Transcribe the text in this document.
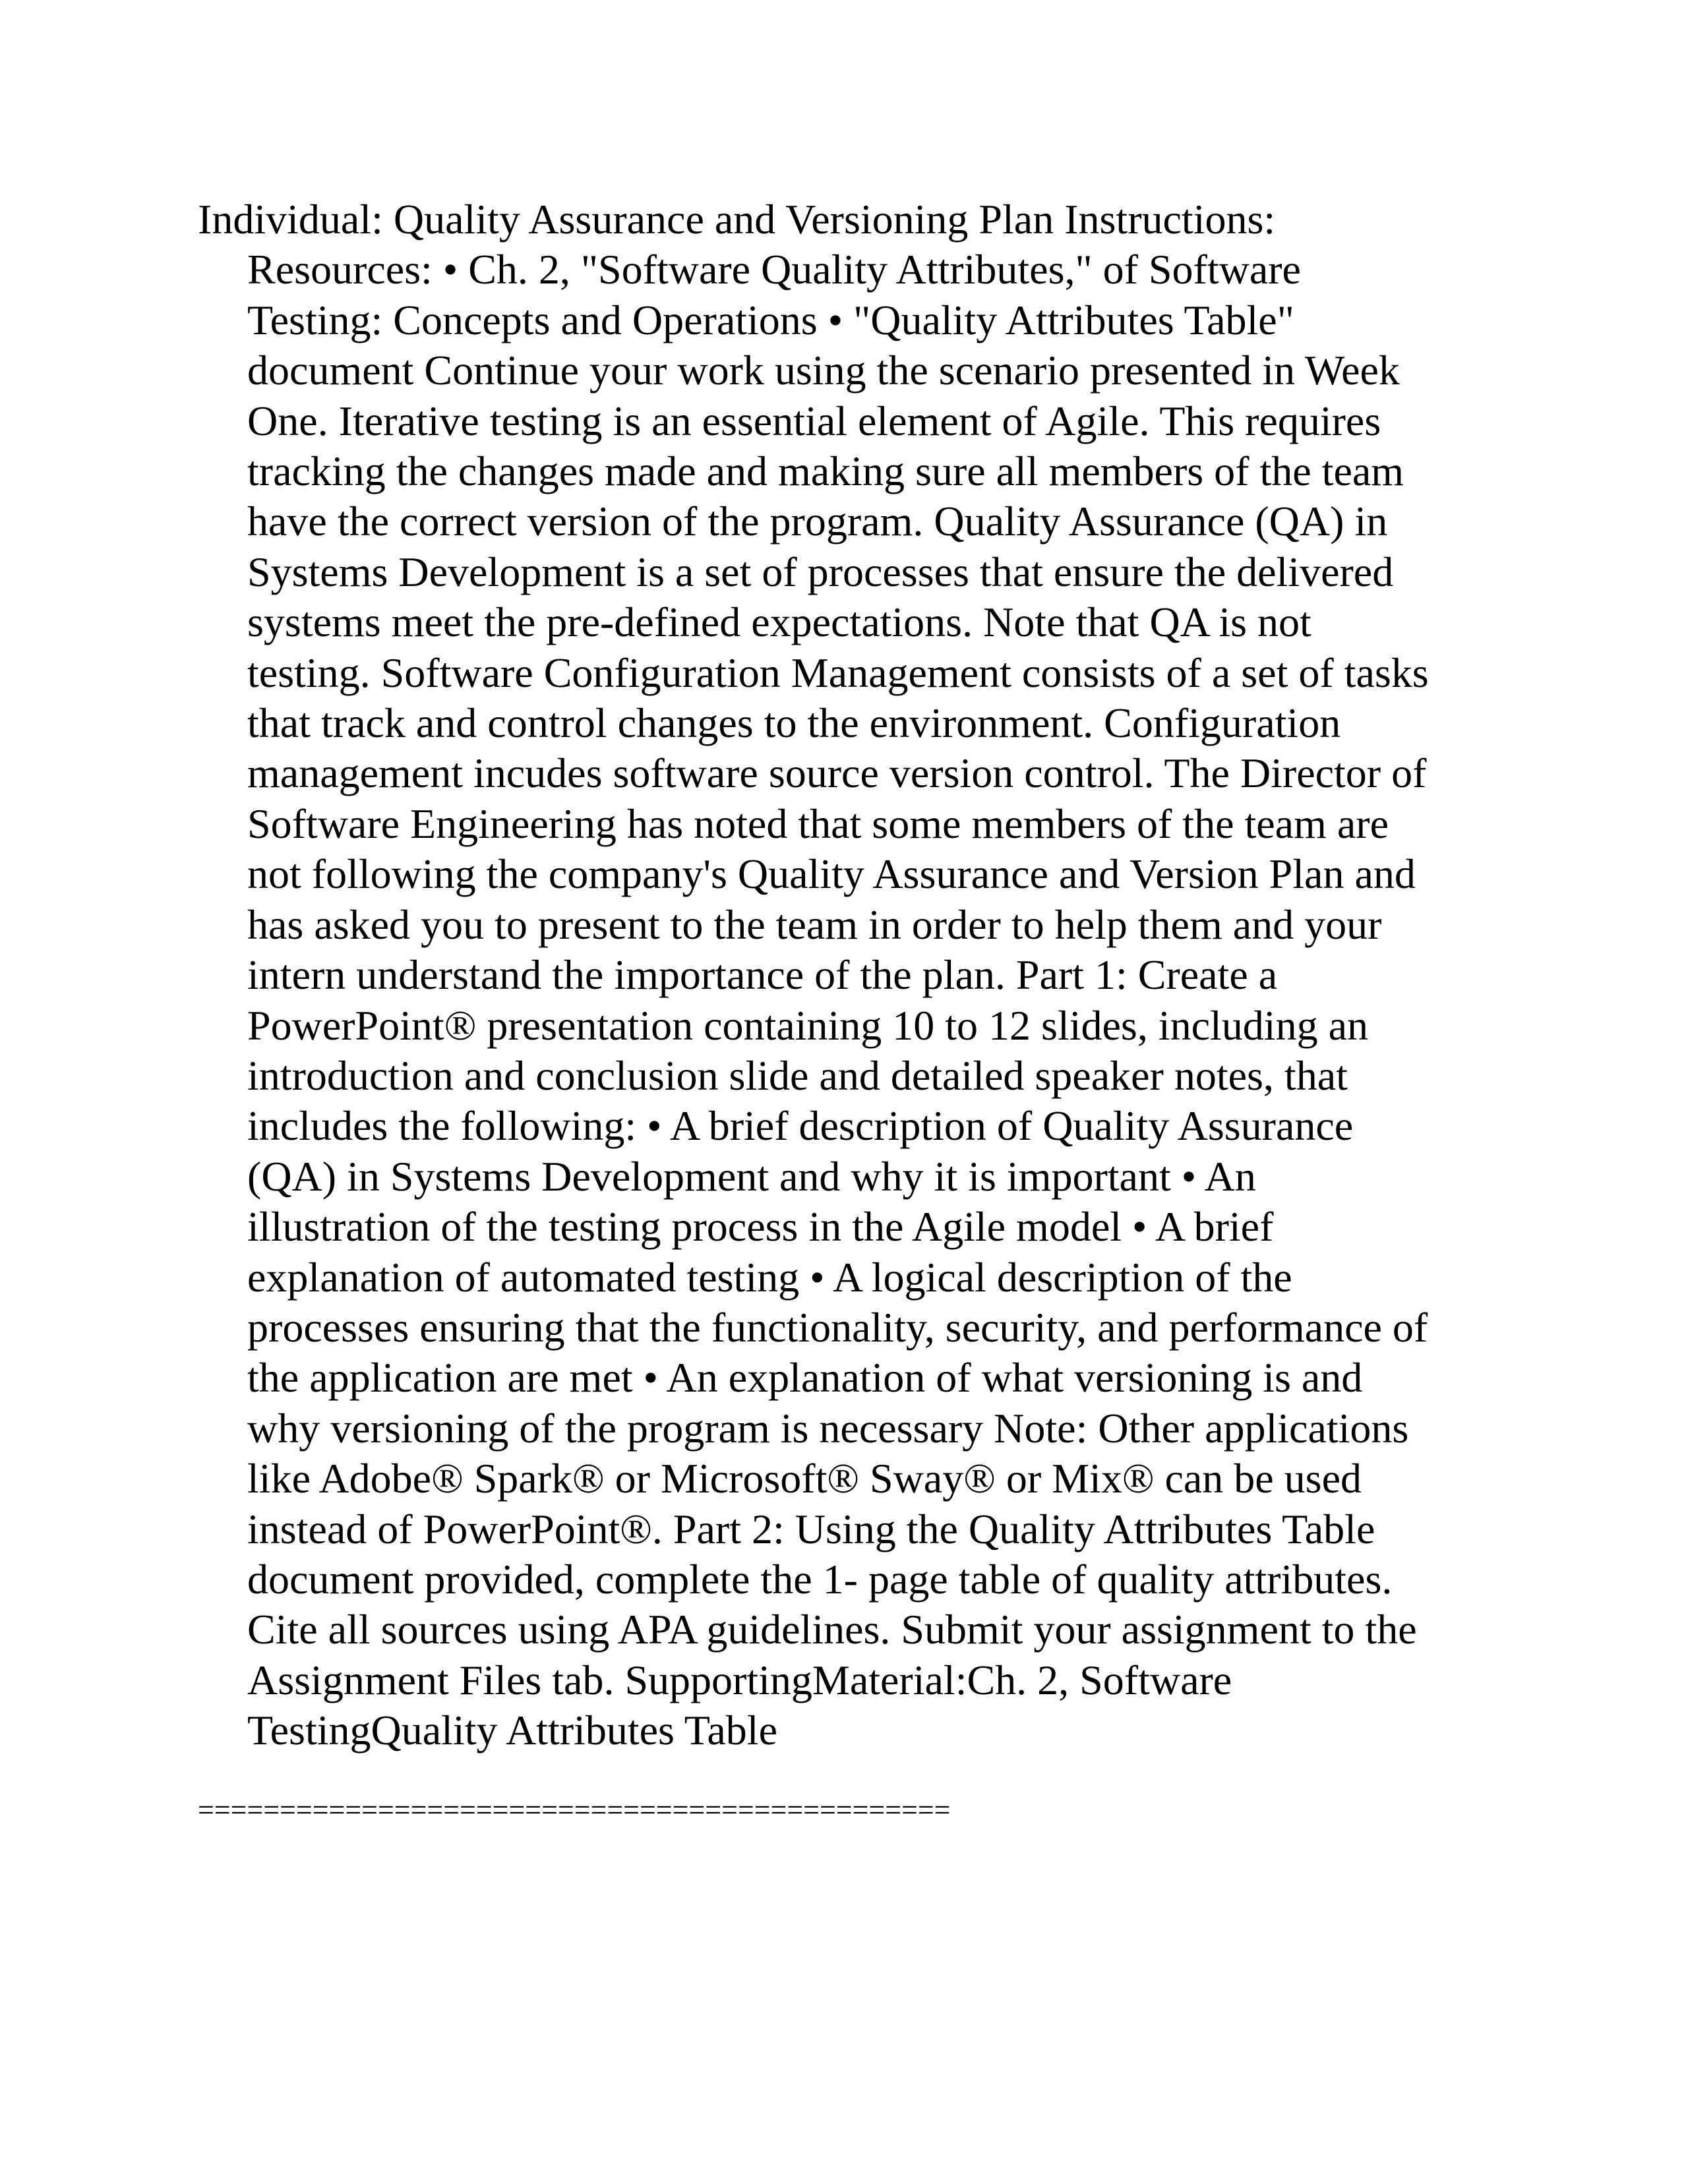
Individual: Quality Assurance and Versioning Plan Instructions:
Resources: • Ch. 2, "Software Quality Attributes," of Software
Testing: Concepts and Operations • "Quality Attributes Table"
document Continue your work using the scenario presented in Week
One. Iterative testing is an essential element of Agile. This requires
tracking the changes made and making sure all members of the team
have the correct version of the program. Quality Assurance (QA) in
Systems Development is a set of processes that ensure the delivered
systems meet the pre-defined expectations. Note that QA is not
testing. Software Configuration Management consists of a set of tasks
that track and control changes to the environment. Configuration
management incudes software source version control. The Director of
Software Engineering has noted that some members of the team are
not following the company's Quality Assurance and Version Plan and
has asked you to present to the team in order to help them and your
intern understand the importance of the plan. Part 1: Create a
PowerPoint® presentation containing 10 to 12 slides, including an
introduction and conclusion slide and detailed speaker notes, that
includes the following: • A brief description of Quality Assurance
(QA) in Systems Development and why it is important • An
illustration of the testing process in the Agile model • A brief
explanation of automated testing • A logical description of the
processes ensuring that the functionality, security, and performance of
the application are met • An explanation of what versioning is and
why versioning of the program is necessary Note: Other applications
like Adobe® Spark® or Microsoft® Sway® or Mix® can be used
instead of PowerPoint®. Part 2: Using the Quality Attributes Table
document provided, complete the 1- page table of quality attributes.
Cite all sources using APA guidelines. Submit your assignment to the
Assignment Files tab. SupportingMaterial:Ch. 2, Software
TestingQuality Attributes Table

==============================================
